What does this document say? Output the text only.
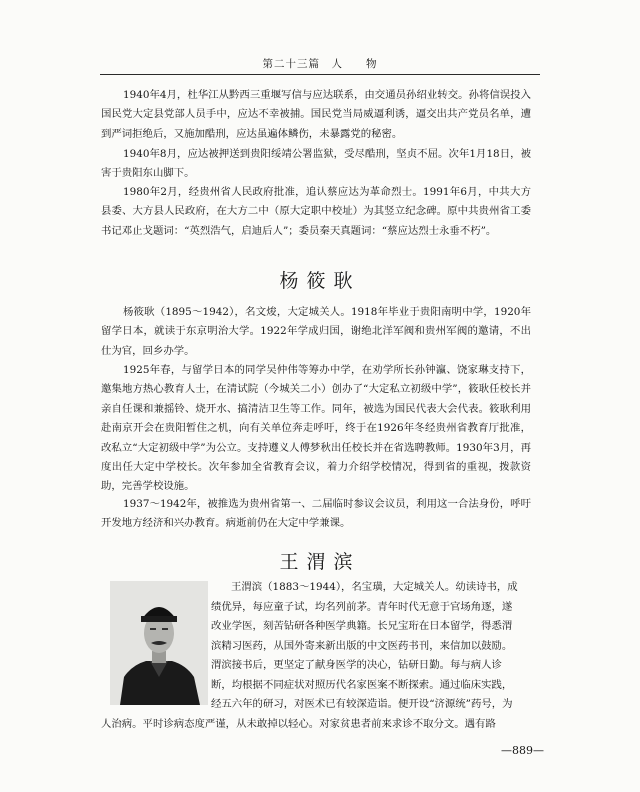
第二十三篇　人　　物

1940年4月，杜华江从黔西三重堰写信与应达联系，由交通员孙绍业转交。孙将信误投入国民党大定县党部人员手中，应达不幸被捕。国民党当局威逼利诱，逼交出共产党员名单，遭到严词拒绝后，又施加酷刑，应达虽遍体鳞伤，未暴露党的秘密。

1940年8月，应达被押送到贵阳绥靖公署监狱，受尽酷刑，坚贞不屈。次年1月18日，被害于贵阳东山脚下。

1980年2月，经贵州省人民政府批准，追认蔡应达为革命烈士。1991年6月，中共大方县委、大方县人民政府，在大方二中（原大定职中校址）为其竖立纪念碑。原中共贵州省工委书记邓止戈题词：“英烈浩气，启迪后人”；委员秦天真题词：“蔡应达烈士永垂不朽”。

杨筱耿

杨筱耿（1895～1942），名文焌，大定城关人。1918年毕业于贵阳南明中学，1920年留学日本，就读于东京明治大学。1922年学成归国，谢绝北洋军阀和贵州军阀的邀请，不出仕为官，回乡办学。

1925年春，与留学日本的同学吴仲伟等筹办中学，在劝学所长孙钟瀛、饶家琳支持下，邀集地方热心教育人士，在清试院（今城关二小）创办了“大定私立初级中学”，筱耿任校长并亲自任课和兼摇铃、烧开水、搞清洁卫生等工作。同年，被选为国民代表大会代表。筱耿利用赴南京开会在贵阳暂住之机，向有关单位奔走呼吁，终于在1926年冬经贵州省教育厅批准，改私立“大定初级中学”为公立。支持遵义人傅梦秋出任校长并在省选聘教师。1930年3月，再度出任大定中学校长。次年参加全省教育会议，着力介绍学校情况，得到省的重视，拨款资助，完善学校设施。

1937～1942年，被推选为贵州省第一、二届临时参议会议员，利用这一合法身份，呼吁开发地方经济和兴办教育。病逝前仍在大定中学兼课。

王渭滨
王渭滨（1883～1944），名宝璜，大定城关人。幼读诗书，成
绩优异，每应童子试，均名列前茅。青年时代无意于官场角逐，遂
改业学医，刻苦钻研各种医学典籍。长兄宝珩在日本留学，得悉渭
滨精习医药，从国外寄来新出版的中文医药书刊，来信加以鼓励。
渭滨接书后，更坚定了献身医学的决心，钻研日勤。每与病人诊
断，均根据不同症状对照历代名家医案不断探索。通过临床实践，
经五六年的研习，对医术已有较深造诣。便开设“济源统”药号，为
人治病。平时诊病态度严谨，从未敢掉以轻心。对家贫患者前来求诊不取分文。遇有路
—889—
